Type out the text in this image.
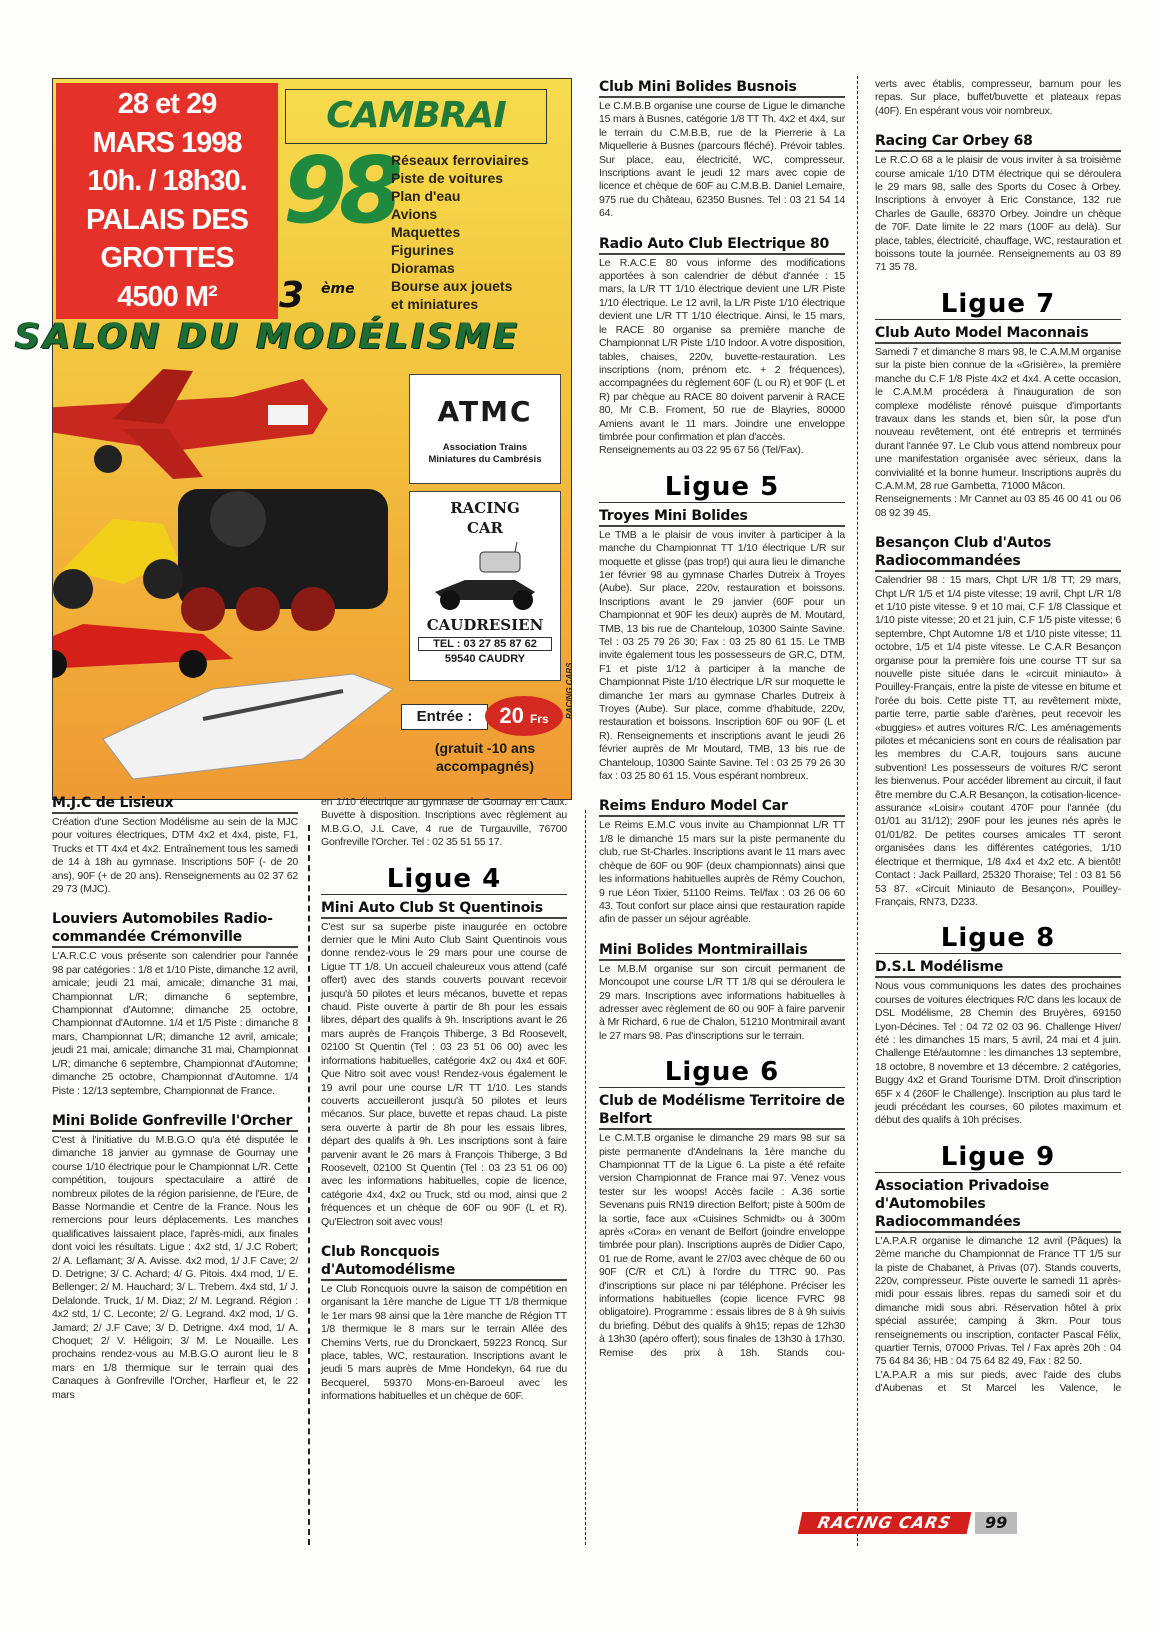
28 et 29
MARS 1998
10h. / 18h30.
PALAIS DES
GROTTES
4500 M²
CAMBRAI
98
Réseaux ferroviaires
Piste de voitures
Plan d'eau
Avions
Maquettes
Figurines
Dioramas
Bourse aux jouets
et miniatures
3 ème
SALON DU MODÉLISME
ATMC
Association Trains
Miniatures du Cambrésis
RACING
CAR
CAUDRESIEN
TEL : 03 27 85 87 62
59540 CAUDRY
Entrée :	20 Frs
(gratuit -10 ans
accompagnés)
RACING CARS
M.J.C de Lisieux
Création d'une Section Modélisme au sein de la MJC pour voitures électriques, DTM 4x2 et 4x4, piste, F1, Trucks et TT 4x4 et 4x2. Entraînement tous les samedi de 14 à 18h au gymnase. Inscriptions 50F (- de 20 ans), 90F (+ de 20 ans). Renseignements au 02 37 62 29 73 (MJC).
Louviers Automobiles Radio-commandée Crémonville
L'A.R.C.C vous présente son calendrier pour l'année 98 par catégories : 1/8 et 1/10 Piste, dimanche 12 avril, amicale; jeudi 21 mai, amicale; dimanche 31 mai, Championnat L/R; dimanche 6 septembre, Championnat d'Automne; dimanche 25 octobre, Championnat d'Automne. 1/4 et 1/5 Piste : dimanche 8 mars, Championnat L/R; dimanche 12 avril, amicale; jeudi 21 mai, amicale; dimanche 31 mai, Championnat L/R; dimanche 6 septembre, Championnat d'Automne; dimanche 25 octobre, Championnat d'Automne. 1/4 Piste : 12/13 septembre, Championnat de France.
Mini Bolide Gonfreville l'Orcher
C'est à l'initiative du M.B.G.O qu'a été disputée le dimanche 18 janvier au gymnase de Gournay une course 1/10 électrique pour le Championnat L/R. Cette compétition, toujours spectaculaire a attiré de nombreux pilotes de la région parisienne, de l'Eure, de Basse Normandie et Centre de la France. Nous les remercions pour leurs déplacements. Les manches qualificatives laissaient place, l'après-midi, aux finales dont voici les résultats. Ligue : 4x2 std, 1/ J.C Robert; 2/ A. Leflamant; 3/ A. Avisse. 4x2 mod, 1/ J.F Cave; 2/ D. Detrigne; 3/ C. Achard; 4/ G. Pitois. 4x4 mod, 1/ E. Bellenger; 2/ M. Hauchard; 3/ L. Trebern. 4x4 std, 1/ J. Delalonde. Truck, 1/ M. Diaz; 2/ M. Legrand. Région : 4x2 std, 1/ C. Leconte; 2/ G. Legrand. 4x2 mod, 1/ G. Jamard; 2/ J.F Cave; 3/ D. Detrigne. 4x4 mod, 1/ A. Choquet; 2/ V. Héligoin; 3/ M. Le Nouaille. Les prochains rendez-vous au M.B.G.O auront lieu le 8 mars en 1/8 thermique sur le terrain quai des Canaques à Gonfreville l'Orcher, Harfleur et, le 22 mars
en 1/10 électrique au gymnase de Gournay en Caux. Buvette à disposition. Inscriptions avec règlement au M.B.G.O, J.L Cave, 4 rue de Turgauville, 76700 Gonfreville l'Orcher. Tel : 02 35 51 55 17.
Ligue 4
Mini Auto Club St Quentinois
C'est sur sa superbe piste inaugurée en octobre dernier que le Mini Auto Club Saint Quentinois vous donne rendez-vous le 29 mars pour une course de Ligue TT 1/8. Un accueil chaleureux vous attend (café offert) avec des stands couverts pouvant recevoir jusqu'à 50 pilotes et leurs mécanos, buvette et repas chaud. Piste ouverte à partir de 8h pour les essais libres, départ des qualifs à 9h. Inscriptions avant le 26 mars auprès de François Thiberge, 3 Bd Roosevelt, 02100 St Quentin (Tel : 03 23 51 06 00) avec les informations habituelles, catégorie 4x2 ou 4x4 et 60F. Que Nitro soit avec vous! Rendez-vous également le 19 avril pour une course L/R TT 1/10. Les stands couverts accueilleront jusqu'à 50 pilotes et leurs mécanos. Sur place, buvette et repas chaud. La piste sera ouverte à partir de 8h pour les essais libres, départ des qualifs à 9h. Les inscriptions sont à faire parvenir avant le 26 mars à François Thiberge, 3 Bd Roosevelt, 02100 St Quentin (Tel : 03 23 51 06 00) avec les informations habituelles, copie de licence, catégorie 4x4, 4x2 ou Truck, std ou mod, ainsi que 2 fréquences et un chèque de 60F ou 90F (L et R). Qu'Electron soit avec vous!
Club Roncquois d'Automodélisme
Le Club Roncquois ouvre la saison de compétition en organisant la 1ère manche de Ligue TT 1/8 thermique le 1er mars 98 ainsi que la 1ère manche de Région TT 1/8 thermique le 8 mars sur le terrain Allée des Chemins Verts, rue du Dronckaert, 59223 Roncq. Sur place, tables, WC, restauration. Inscriptions avant le jeudi 5 mars auprès de Mme Hondekyn, 64 rue du Becquerel, 59370 Mons-en-Baroeul avec les informations habituelles et un chèque de 60F.
Club Mini Bolides Busnois
Le C.M.B.B organise une course de Ligue le dimanche 15 mars à Busnes, catégorie 1/8 TT Th. 4x2 et 4x4, sur le terrain du C.M.B.B, rue de la Pierrerie à La Miquellerie à Busnes (parcours fléché). Prévoir tables. Sur place, eau, électricité, WC, compresseur. Inscriptions avant le jeudi 12 mars avec copie de licence et chèque de 60F au C.M.B.B. Daniel Lemaire, 975 rue du Château, 62350 Busnes. Tel : 03 21 54 14 64.
Radio Auto Club Electrique 80
Le R.A.C.E 80 vous informe des modifications apportées à son calendrier de début d'année : 15 mars, la L/R TT 1/10 électrique devient une L/R Piste 1/10 électrique. Le 12 avril, la L/R Piste 1/10 électrique devient une L/R TT 1/10 électrique. Ainsi, le 15 mars, le RACE 80 organise sa première manche de Championnat L/R Piste 1/10 Indoor. A votre disposition, tables, chaises, 220v, buvette-restauration. Les inscriptions (nom, prénom etc. + 2 fréquences), accompagnées du règlement 60F (L ou R) et 90F (L et R) par chèque au RACE 80 doivent parvenir à RACE 80, Mr C.B. Froment, 50 rue de Blayries, 80000 Amiens avant le 11 mars. Joindre une enveloppe timbrée pour confirmation et plan d'accès.
Renseignements au 03 22 95 67 56 (Tel/Fax).
Ligue 5
Troyes Mini Bolides
Le TMB a le plaisir de vous inviter à participer à la manche du Championnat TT 1/10 électrique L/R sur moquette et glisse (pas trop!) qui aura lieu le dimanche 1er février 98 au gymnase Charles Dutreix à Troyes (Aube). Sur place, 220v, restauration et boissons. Inscriptions avant le 29 janvier (60F pour un Championnat et 90F les deux) auprès de M. Moutard, TMB, 13 bis rue de Chanteloup, 10300 Sainte Savine. Tel : 03 25 79 26 30; Fax : 03 25 80 61 15. Le TMB invite également tous les possesseurs de GR.C, DTM, F1 et piste 1/12 à participer à la manche de Championnat Piste 1/10 électrique L/R sur moquette le dimanche 1er mars au gymnase Charles Dutreix à Troyes (Aube). Sur place, comme d'habitude, 220v, restauration et boissons. Inscription 60F ou 90F (L et R). Renseignements et inscriptions avant le jeudi 26 février auprès de Mr Moutard, TMB, 13 bis rue de Chanteloup, 10300 Sainte Savine. Tel : 03 25 79 26 30 fax : 03 25 80 61 15. Vous espérant nombreux.
Reims Enduro Model Car
Le Reims E.M.C vous invite au Championnat L/R TT 1/8 le dimanche 15 mars sur la piste permanente du club, rue St-Charles. Inscriptions avant le 11 mars avec chèque de 60F ou 90F (deux championnats) ainsi que les informations habituelles auprès de Rémy Couchon, 9 rue Léon Tixier, 51100 Reims. Tel/fax : 03 26 06 60 43. Tout confort sur place ainsi que restauration rapide afin de passer un séjour agréable.
Mini Bolides Montmiraillais
Le M.B.M organise sur son circuit permanent de Moncoupot une course L/R TT 1/8 qui se déroulera le 29 mars. Inscriptions avec informations habituelles à adresser avec règlement de 60 ou 90F à faire parvenir à Mr Richard, 6 rue de Chalon, 51210 Montmirail avant le 27 mars 98. Pas d'inscriptions sur le terrain.
Ligue 6
Club de Modélisme Territoire de Belfort
Le C.M.T.B organise le dimanche 29 mars 98 sur sa piste permanente d'Andelnans la 1ère manche du Championnat TT de la Ligue 6. La piste a été refaite version Championnat de France mai 97. Venez vous tester sur les woops! Accès facile : A.36 sortie Sevenans puis RN19 direction Belfort; piste à 500m de la sortie, face aux «Cuisines Schmidt» ou à 300m après «Cora» en venant de Belfort (joindre enveloppe timbrée pour plan). Inscriptions auprès de Didier Capo, 01 rue de Rome, avant le 27/03 avec chèque de 60 ou 90F (C/R et C/L) à l'ordre du TTRC 90. Pas d'inscriptions sur place ni par téléphone. Préciser les informations habituelles (copie licence FVRC 98 obligatoire). Programme : essais libres de 8 à 9h suivis du briefing. Début des qualifs à 9h15; repas de 12h30 à 13h30 (apéro offert); sous finales de 13h30 à 17h30. Remise des prix à 18h. Stands cou-
verts avec établis, compresseur, barnum pour les repas. Sur place, buffet/buvette et plateaux repas (40F). En espérant vous voir nombreux.
Racing Car Orbey 68
Le R.C.O 68 a le plaisir de vous inviter à sa troisième course amicale 1/10 DTM électrique qui se déroulera le 29 mars 98, salle des Sports du Cosec à Orbey. Inscriptions à envoyer à Eric Constance, 132 rue Charles de Gaulle, 68370 Orbey. Joindre un chèque de 70F. Date limite le 22 mars (100F au delà). Sur place, tables, électricité, chauffage, WC, restauration et boissons toute la journée. Renseignements au 03 89 71 35 78.
Ligue 7
Club Auto Model Maconnais
Samedi 7 et dimanche 8 mars 98, le C.A.M.M organise sur la piste bien connue de la «Grisière», la première manche du C.F 1/8 Piste 4x2 et 4x4. A cette occasion, le C.A.M.M procédera à l'inauguration de son complexe modéliste rénové puisque d'importants travaux dans les stands et, bien sûr, la pose d'un nouveau revêtement, ont été entrepris et terminés durant l'année 97. Le Club vous attend nombreux pour une manifestation organisée avec sérieux, dans la convivialité et la bonne humeur. Inscriptions auprès du C.A.M.M, 28 rue Gambetta, 71000 Mâcon.
Renseignements : Mr Cannet au 03 85 46 00 41 ou 06 08 92 39 45.
Besançon Club d'Autos Radiocommandées
Calendrier 98 : 15 mars, Chpt L/R 1/8 TT; 29 mars, Chpt L/R 1/5 et 1/4 piste vitesse; 19 avril, Chpt L/R 1/8 et 1/10 piste vitesse. 9 et 10 mai, C.F 1/8 Classique et 1/10 piste vitesse; 20 et 21 juin, C.F 1/5 piste vitesse; 6 septembre, Chpt Automne 1/8 et 1/10 piste vitesse; 11 octobre, 1/5 et 1/4 piste vitesse. Le C.A.R Besançon organise pour la première fois une course TT sur sa nouvelle piste située dans le «circuit miniauto» à Pouilley-Français, entre la piste de vitesse en bitume et l'orée du bois. Cette piste TT, au revêtement mixte, partie terre, partie sable d'arènes, peut recevoir les «buggies» et autres voitures R/C. Les aménagements pilotes et mécaniciens sont en cours de réalisation par les membres du C.A.R, toujours sans aucune subvention! Les possesseurs de voitures R/C seront les bienvenus. Pour accéder librement au circuit, il faut être membre du C.A.R Besançon, la cotisation-licence-assurance «Loisir» coutant 470F pour l'année (du 01/01 au 31/12); 290F pour les jeunes nés après le 01/01/82. De petites courses amicales TT seront organisées dans les différentes catégories, 1/10 électrique et thermique, 1/8 4x4 et 4x2 etc. A bientôt! Contact : Jack Paillard, 25320 Thoraise; Tel : 03 81 56 53 87. «Circuit Miniauto de Besançon», Pouilley-Français, RN73, D233.
Ligue 8
D.S.L Modélisme
Nous vous communiquons les dates des prochaines courses de voitures électriques R/C dans les locaux de DSL Modélisme, 28 Chemin des Bruyères, 69150 Lyon-Décines. Tel : 04 72 02 03 96. Challenge Hiver/été : les dimanches 15 mars, 5 avril, 24 mai et 4 juin. Challenge Eté/automne : les dimanches 13 septembre, 18 octobre, 8 novembre et 13 décembre. 2 catégories, Buggy 4x2 et Grand Tourisme DTM. Droit d'inscription 65F x 4 (260F le Challenge). Inscription au plus tard le jeudi précédant les courses, 60 pilotes maximum et début des qualifs à 10h précises.
Ligue 9
Association Privadoise d'Automobiles Radiocommandées
L'A.P.A.R organise le dimanche 12 avril (Pâques) la 2ème manche du Championnat de France TT 1/5 sur la piste de Chabanet, à Privas (07). Stands couverts, 220v, compresseur. Piste ouverte le samedi 11 après-midi pour essais libres. repas du samedi soir et du dimanche midi sous abri. Réservation hôtel à prix spécial assurée; camping à 3km. Pour tous renseignements ou inscription, contacter Pascal Félix, quartier Ternis, 07000 Privas. Tel / Fax après 20h : 04 75 64 84 36; HB : 04 75 64 82 49, Fax : 82 50.
L'A.P.A.R a mis sur pieds, avec l'aide des clubs d'Aubenas et St Marcel les Valence, le
RACING CARS	99
